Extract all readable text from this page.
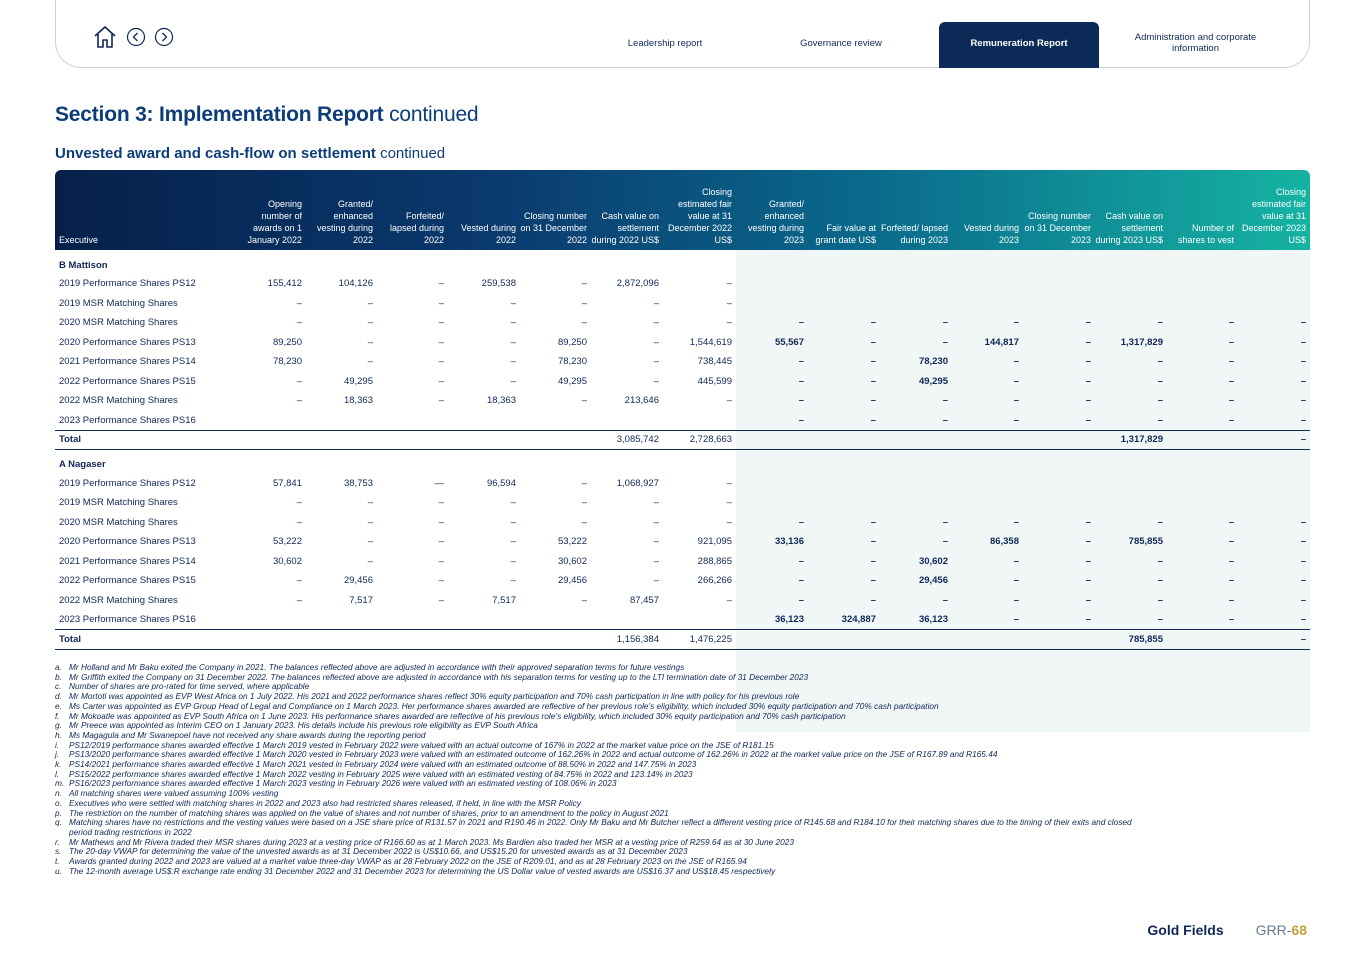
Leadership report	Governance review	Remuneration Report	Administration and corporate information
Section 3: Implementation Report continued
Unvested award and cash-flow on settlement continued
Executive	Opening number of awards on 1 January 2022	Granted/ enhanced vesting during 2022	Forfeited/ lapsed during 2022	Vested during 2022	Closing number on 31 December 2022	Cash value on settlement during 2022 US$	Closing estimated fair value at 31 December 2022 US$	Granted/ enhanced vesting during 2023	Fair value at grant date US$	Forfeited/ lapsed during 2023	Vested during 2023	Closing number on 31 December 2023	Cash value on settlement during 2023 US$	Number of shares to vest	Closing estimated fair value at 31 December 2023 US$
B Mattison															
2019 Performance Shares PS12	155,412	104,126	–	259,538	–	2,872,096	–								
2019 MSR Matching Shares	–	–	–	–	–	–	–								
2020 MSR Matching Shares	–	–	–	–	–	–	–	–	–	–	–	–	–	–	–
2020 Performance Shares PS13	89,250	–	–	–	89,250	–	1,544,619	55,567	–	–	144,817	–	1,317,829	–	–
2021 Performance Shares PS14	78,230	–	–	–	78,230	–	738,445	–	–	78,230	–	–	–	–	–
2022 Performance Shares PS15	–	49,295	–	–	49,295	–	445,599	–	–	49,295	–	–	–	–	–
2022 MSR Matching Shares	–	18,363	–	18,363	–	213,646	–	–	–	–	–	–	–	–	–
2023 Performance Shares PS16								–	–	–	–	–	–	–	–
Total						3,085,742	2,728,663						1,317,829		–
A Nagaser															
2019 Performance Shares PS12	57,841	38,753	—	96,594	–	1,068,927	–								
2019 MSR Matching Shares	–	–	–	–	–	–	–								
2020 MSR Matching Shares	–	–	–	–	–	–	–	–	–	–	–	–	–	–	–
2020 Performance Shares PS13	53,222	–	–	–	53,222	–	921,095	33,136	–	–	86,358	–	785,855	–	–
2021 Performance Shares PS14	30,602	–	–	–	30,602	–	288,865	–	–	30,602	–	–	–	–	–
2022 Performance Shares PS15	–	29,456	–	–	29,456	–	266,266	–	–	29,456	–	–	–	–	–
2022 MSR Matching Shares	–	7,517	–	7,517	–	87,457	–	–	–	–	–	–	–	–	–
2023 Performance Shares PS16								36,123	324,887	36,123	–	–	–	–	–
Total						1,156,384	1,476,225						785,855		–
a. Mr Holland and Mr Baku exited the Company in 2021. The balances reflected above are adjusted in accordance with their approved separation terms for future vestings
b. Mr Griffith exited the Company on 31 December 2022. The balances reflected above are adjusted in accordance with his separation terms for vesting up to the LTI termination date of 31 December 2023
c. Number of shares are pro-rated for time served, where applicable
d. Mr Mortoti was appointed as EVP West Africa on 1 July 2022. His 2021 and 2022 performance shares reflect 30% equity participation and 70% cash participation in line with policy for his previous role
e. Ms Carter was appointed as EVP Group Head of Legal and Compliance on 1 March 2023. Her performance shares awarded are reflective of her previous role’s eligibility, which included 30% equity participation and 70% cash participation
f.	Mr Mokoatle was appointed as EVP South Africa on 1 June 2023. His performance shares awarded are reflective of his previous role’s eligibility, which included 30% equity participation and 70% cash participation
g. Mr Preece was appointed as Interim CEO on 1 January 2023. His details include his previous role eligibility as EVP South Africa
h. Ms Magagula and Mr Swanepoel have not received any share awards during the reporting period
i.	PS12/2019 performance shares awarded effective 1 March 2019 vested in February 2022 were valued with an actual outcome of 167% in 2022 at the market value price on the JSE of R181.15
j.	PS13/2020 performance shares awarded effective 1 March 2020 vested in February 2023 were valued with an estimated outcome of 162.26% in 2022 and actual outcome of 162.26% in 2022 at the market value price on the JSE of R167.89 and R165.44
k. PS14/2021 performance shares awarded effective 1 March 2021 vested in February 2024 were valued with an estimated outcome of 88.50% in 2022 and 147.75% in 2023
l.	PS15/2022 performance shares awarded effective 1 March 2022 vesting in February 2025 were valued with an estimated vesting of 84.75% in 2022 and 123.14% in 2023
m. PS16/2023 performance shares awarded effective 1 March 2023 vesting in February 2026 were valued with an estimated vesting of 108.06% in 2023
n. All matching shares were valued assuming 100% vesting
o. Executives who were settled with matching shares in 2022 and 2023 also had restricted shares released, if held, in line with the MSR Policy
p. The restriction on the number of matching shares was applied on the value of shares and not number of shares, prior to an amendment to the policy in August 2021
q. Matching shares have no restrictions and the vesting values were based on a JSE share price of R131.57 in 2021 and R190.46 in 2022. Only Mr Baku and Mr Butcher reflect a different vesting price of R145.68 and R184.10 for their matching shares due to the timing of their exits and closed period trading restrictions in 2022
r.	Mr Mathews and Mr Rivera traded their MSR shares during 2023 at a vesting price of R166.60 as at 1 March 2023. Ms Bardien also traded her MSR at a vesting price of R259.64 as at 30 June 2023
s. The 20-day VWAP for determining the value of the unvested awards as at 31 December 2022 is US$10.66, and US$15.20 for unvested awards as at 31 December 2023
t.	Awards granted during 2022 and 2023 are valued at a market value three-day VWAP as at 28 February 2022 on the JSE of R209.01, and as at 28 February 2023 on the JSE of R165.94
u. The 12-month average US$:R exchange rate ending 31 December 2022 and 31 December 2023 for determining the US Dollar value of vested awards are US$16.37 and US$18.45 respectively
Gold Fields GRR-68
